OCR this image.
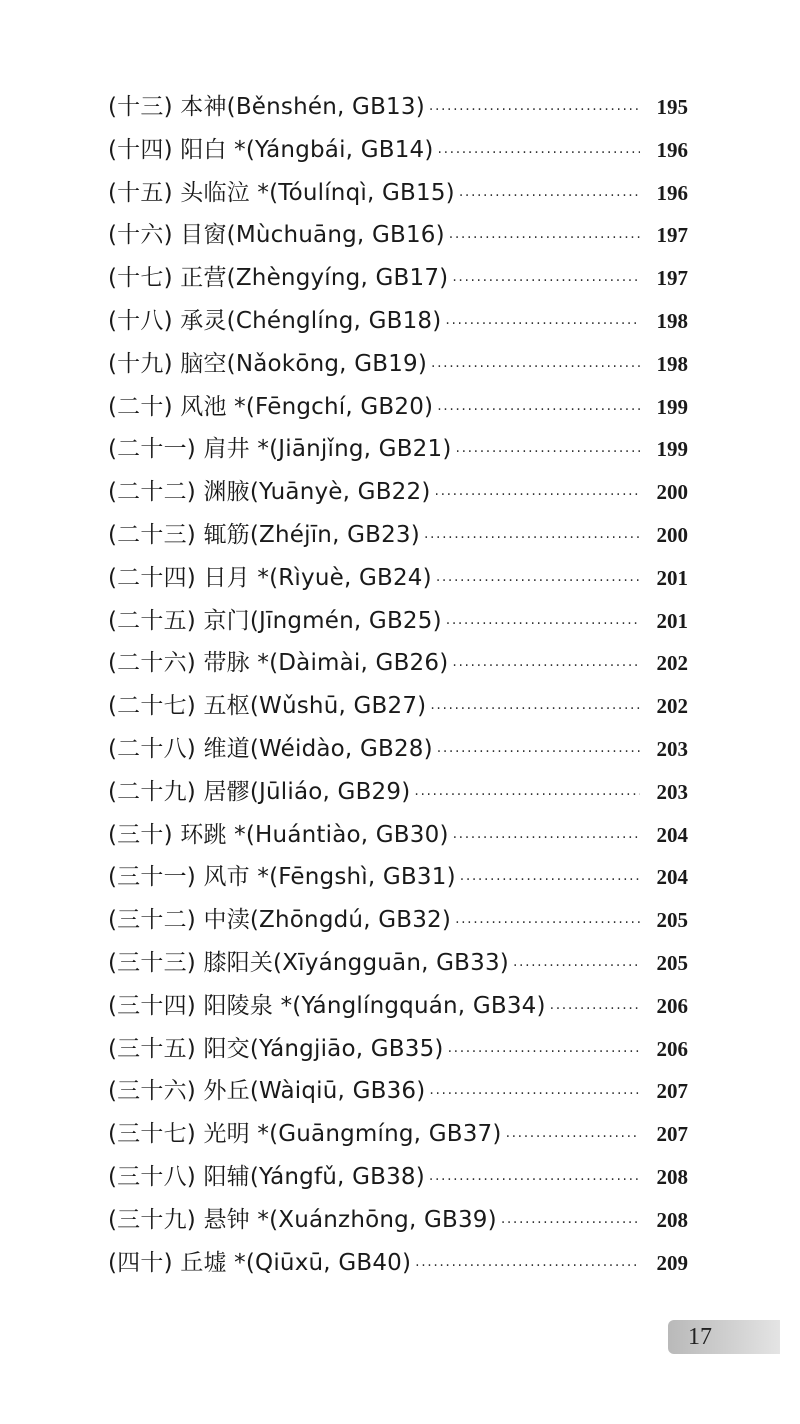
(十三) 本神(Běnshén, GB13) ·····	195
(十四) 阳白 *(Yángbái, GB14) ·····	196
(十五) 头临泣 *(Tóulínqì, GB15) ·····	196
(十六) 目窗(Mùchuāng, GB16) ·····	197
(十七) 正营(Zhèngyíng, GB17) ·····	197
(十八) 承灵(Chénglíng, GB18) ·····	198
(十九) 脑空(Nǎokōng, GB19) ·····	198
(二十) 风池 *(Fēngchí, GB20) ·····	199
(二十一) 肩井 *(Jiānjǐng, GB21) ·····	199
(二十二) 渊腋(Yuānyè, GB22) ·····	200
(二十三) 辄筋(Zhéjīn, GB23) ·····	200
(二十四) 日月 *(Rìyuè, GB24) ·····	201
(二十五) 京门(Jīngmén, GB25) ·····	201
(二十六) 带脉 *(Dàimài, GB26) ·····	202
(二十七) 五枢(Wǔshū, GB27) ·····	202
(二十八) 维道(Wéidào, GB28) ·····	203
(二十九) 居髎(Jūliáo, GB29) ·····	203
(三十) 环跳 *(Huántiào, GB30) ·····	204
(三十一) 风市 *(Fēngshì, GB31) ·····	204
(三十二) 中渎(Zhōngdú, GB32) ·····	205
(三十三) 膝阳关(Xīyángguān, GB33) ·····	205
(三十四) 阳陵泉 *(Yánglíngquán, GB34) ·····	206
(三十五) 阳交(Yángjiāo, GB35) ·····	206
(三十六) 外丘(Wàiqiū, GB36) ·····	207
(三十七) 光明 *(Guāngmíng, GB37) ·····	207
(三十八) 阳辅(Yángfǔ, GB38) ·····	208
(三十九) 悬钟 *(Xuánzhōng, GB39) ·····	208
(四十) 丘墟 *(Qiūxū, GB40) ·····	209
17
